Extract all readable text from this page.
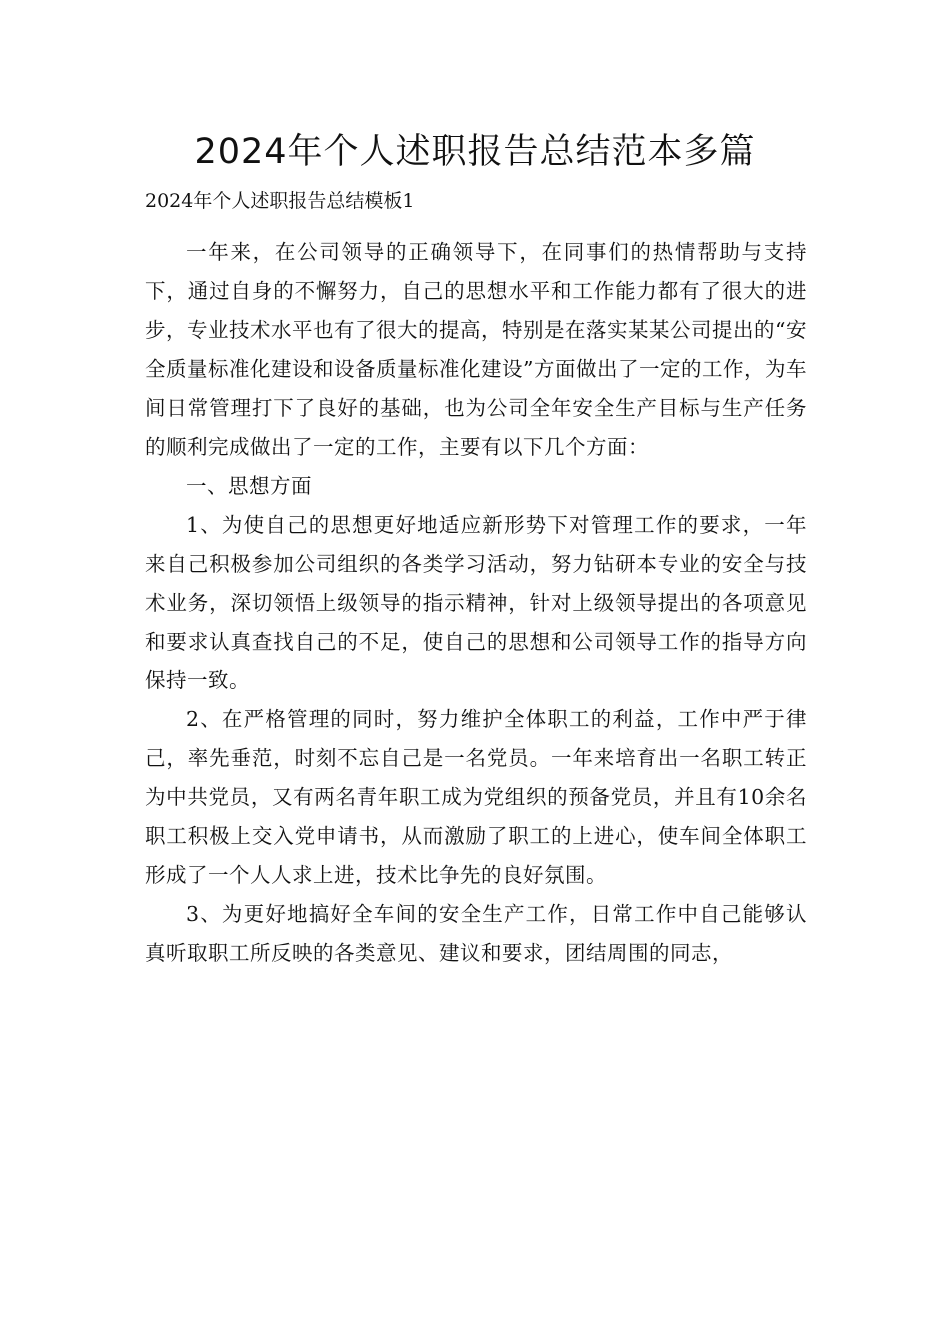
2024年个人述职报告总结范本多篇

2024年个人述职报告总结模板1

一年来，在公司领导的正确领导下，在同事们的热情帮助与支持下，通过自身的不懈努力，自己的思想水平和工作能力都有了很大的进步，专业技术水平也有了很大的提高，特别是在落实某某公司提出的“安全质量标准化建设和设备质量标准化建设”方面做出了一定的工作，为车间日常管理打下了良好的基础，也为公司全年安全生产目标与生产任务的顺利完成做出了一定的工作，主要有以下几个方面：

一、思想方面

1、为使自己的思想更好地适应新形势下对管理工作的要求，一年来自己积极参加公司组织的各类学习活动，努力钻研本专业的安全与技术业务，深切领悟上级领导的指示精神，针对上级领导提出的各项意见和要求认真查找自己的不足，使自己的思想和公司领导工作的指导方向保持一致。

2、在严格管理的同时，努力维护全体职工的利益，工作中严于律己，率先垂范，时刻不忘自己是一名党员。一年来培育出一名职工转正为中共党员，又有两名青年职工成为党组织的预备党员，并且有10余名职工积极上交入党申请书，从而激励了职工的上进心，使车间全体职工形成了一个人人求上进，技术比争先的良好氛围。

3、为更好地搞好全车间的安全生产工作，日常工作中自己能够认真听取职工所反映的各类意见、建议和要求，团结周围的同志，
